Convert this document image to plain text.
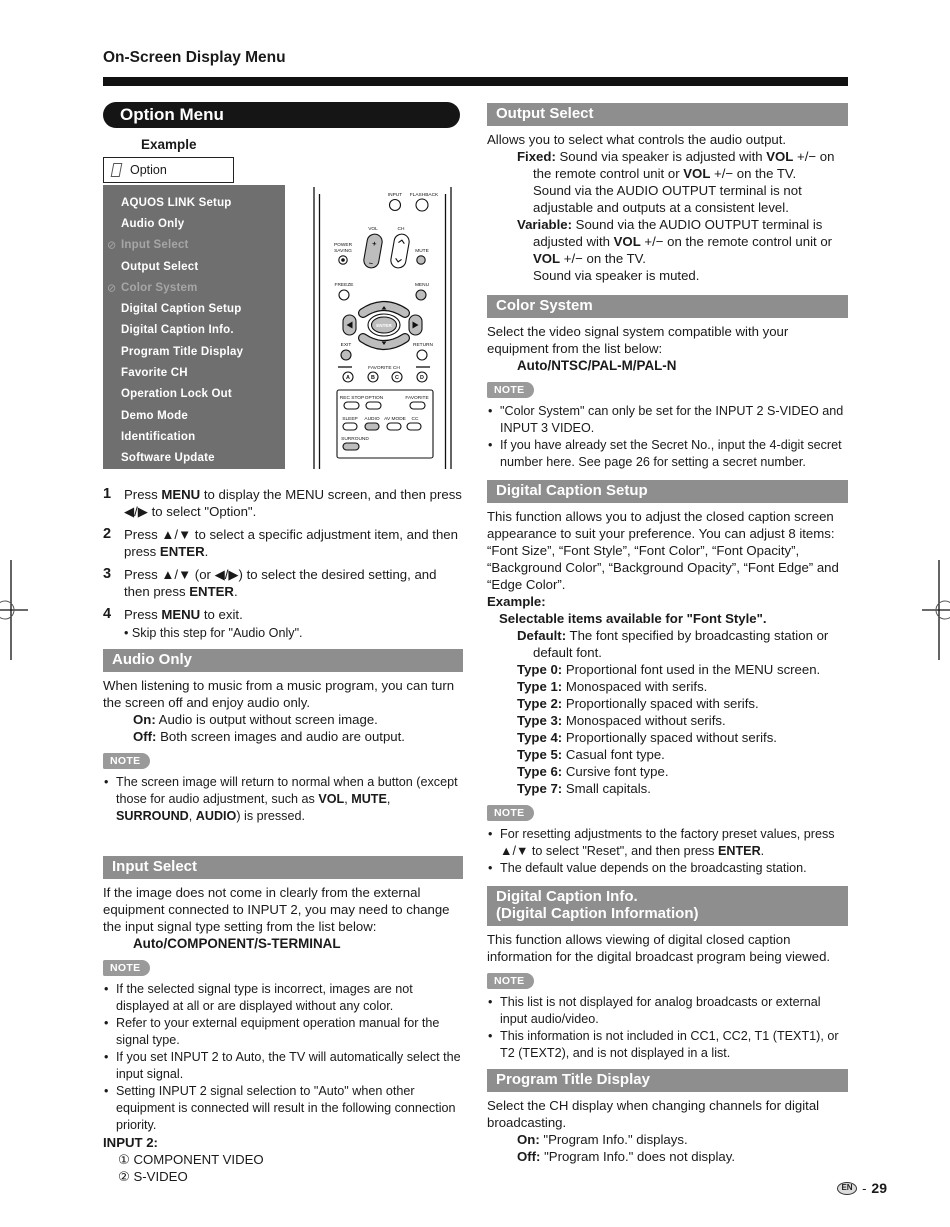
On-Screen Display Menu
Option Menu
Example
Option
AQUOS LINK Setup
Audio Only
⊘ Input Select
Output Select
⊘ Color System
Digital Caption Setup
Digital Caption Info.
Program Title Display
Favorite CH
Operation Lock Out
Demo Mode
Identification
Software Update
INPUT FLASHBACK
VOL	CH
+
−
POWER
SAVING	MUTE
FREEZE	MENU
ENTER
EXIT	RETURN
FAVORITE CH
A	B	C	D
REC STOP OPTION	FAVORITE
SLEEP AUDIO AV MODE CC
SURROUND
1 Press MENU to display the MENU screen, and then press ◀/▶ to select "Option".
2 Press ▲/▼ to select a specific adjustment item, and then press ENTER.
3 Press ▲/▼ (or ◀/▶) to select the desired setting, and then press ENTER.
4 Press MENU to exit.
• Skip this step for "Audio Only".
Audio Only

When listening to music from a music program, you can turn the screen off and enjoy audio only.

On: Audio is output without screen image.
Off: Both screen images and audio are output.
NOTE
• The screen image will return to normal when a button (except those for audio adjustment, such as VOL, MUTE, SURROUND, AUDIO) is pressed.
Input Select

If the image does not come in clearly from the external equipment connected to INPUT 2, you may need to change the input signal type setting from the list below:

Auto/COMPONENT/S-TERMINAL
NOTE
• If the selected signal type is incorrect, images are not displayed at all or are displayed without any color.
• Refer to your external equipment operation manual for the signal type.
• If you set INPUT 2 to Auto, the TV will automatically select the input signal.
• Setting INPUT 2 signal selection to "Auto" when other equipment is connected will result in the following connection priority.
INPUT 2:
① COMPONENT VIDEO
② S-VIDEO
Output Select

Allows you to select what controls the audio output.

Fixed: Sound via speaker is adjusted with VOL +/− on the remote control unit or VOL +/− on the TV.
Sound via the AUDIO OUTPUT terminal is not adjustable and outputs at a consistent level.
Variable: Sound via the AUDIO OUTPUT terminal is adjusted with VOL +/− on the remote control unit or VOL +/− on the TV.
Sound via speaker is muted.
Color System

Select the video signal system compatible with your equipment from the list below:

Auto/NTSC/PAL-M/PAL-N
NOTE
• "Color System" can only be set for the INPUT 2 S-VIDEO and INPUT 3 VIDEO.
• If you have already set the Secret No., input the 4-digit secret number here. See page 26 for setting a secret number.
Digital Caption Setup

This function allows you to adjust the closed caption screen appearance to suit your preference. You can adjust 8 items: “Font Size”, “Font Style”, “Font Color”, “Font Opacity”, “Background Color”, “Background Opacity”, “Font Edge” and “Edge Color”.

Example:
Selectable items available for "Font Style".
Default: The font specified by broadcasting station or default font.
Type 0: Proportional font used in the MENU screen.
Type 1: Monospaced with serifs.
Type 2: Proportionally spaced with serifs.
Type 3: Monospaced without serifs.
Type 4: Proportionally spaced without serifs.
Type 5: Casual font type.
Type 6: Cursive font type.
Type 7: Small capitals.
NOTE
• For resetting adjustments to the factory preset values, press ▲/▼ to select "Reset", and then press ENTER.
• The default value depends on the broadcasting station.
Digital Caption Info.
(Digital Caption Information)

This function allows viewing of digital closed caption information for the digital broadcast program being viewed.

NOTE
• This list is not displayed for analog broadcasts or external input audio/video.
• This information is not included in CC1, CC2, T1 (TEXT1), or T2 (TEXT2), and is not displayed in a list.
Program Title Display

Select the CH display when changing channels for digital broadcasting.

On: "Program Info." displays.
Off: "Program Info." does not display.
EN - 29
